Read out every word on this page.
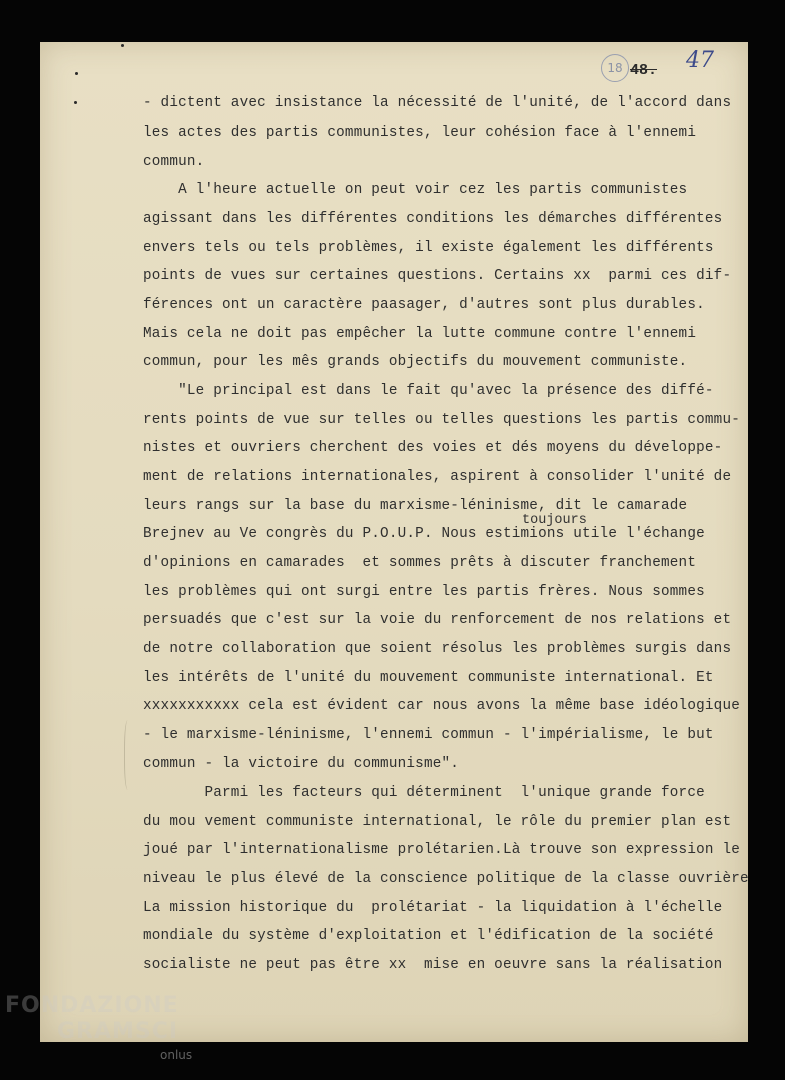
18 48. 47
toujours
- dictent avec insistance la nécessité de l'unité, de l'accord dans
les actes des partis communistes, leur cohésion face à l'ennemi
commun.
A l'heure actuelle on peut voir cez les partis communistes
agissant dans les différentes conditions les démarches différentes
envers tels ou tels problèmes, il existe également les différents
points de vues sur certaines questions. Certains xx  parmi ces dif-
férences ont un caractère paasager, d'autres sont plus durables.
Mais cela ne doit pas empêcher la lutte commune contre l'ennemi
commun, pour les mês grands objectifs du mouvement communiste.
"Le principal est dans le fait qu'avec la présence des diffé-
rents points de vue sur telles ou telles questions les partis commu-
nistes et ouvriers cherchent des voies et dés moyens du développe-
ment de relations internationales, aspirent à consolider l'unité de
leurs rangs sur la base du marxisme-léninisme, dit le camarade
Brejnev au Ve congrès du P.O.U.P. Nous estimions utile l'échange
d'opinions en camarades  et sommes prêts à discuter franchement
les problèmes qui ont surgi entre les partis frères. Nous sommes
persuadés que c'est sur la voie du renforcement de nos relations et
de notre collaboration que soient résolus les problèmes surgis dans
les intérêts de l'unité du mouvement communiste international. Et
xxxxxxxxxxx cela est évident car nous avons la même base idéologique
- le marxisme-léninisme, l'ennemi commun - l'impérialisme, le but
commun - la victoire du communisme".
Parmi les facteurs qui déterminent  l'unique grande force
du mou vement communiste international, le rôle du premier plan est
joué par l'internationalisme prolétarien.Là trouve son expression le
niveau le plus élevé de la conscience politique de la classe ouvrière
La mission historique du  prolétariat - la liquidation à l'échelle
mondiale du système d'exploitation et l'édification de la société
socialiste ne peut pas être xx  mise en oeuvre sans la réalisation
FONDAZIONE
GRAMSCI
onlus
